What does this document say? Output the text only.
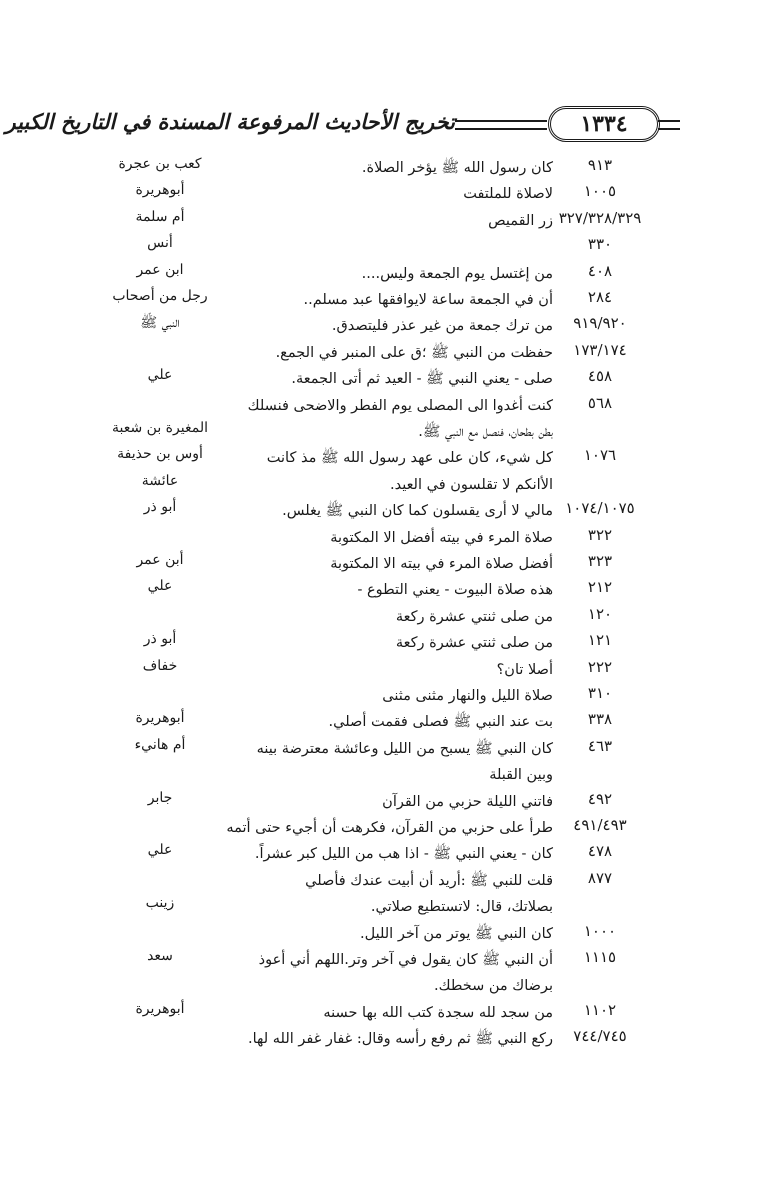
تخريج الأحاديث المرفوعة المسندة في التاريخ الكبير	١٣٣٤
٩١٣
كان رسول الله ﷺ يؤخر الصلاة.
كعب بن عجرة
١٠٠٥
لاصلاة للملتفت
أبوهريرة
٣٢٧/٣٢٨/٣٢٩
زر القميص
أم سلمة
٣٣٠
أنس
٤٠٨
من إغتسل يوم الجمعة وليس....
ابن عمر
٢٨٤
أن في الجمعة ساعة لايوافقها عبد مسلم..
رجل من أصحاب
٩١٩/٩٢٠
من ترك جمعة من غير عذر فليتصدق.
النبي ﷺ
١٧٣/١٧٤
حفظت من النبي ﷺ ؛ق على المنبر في الجمع.
٤٥٨
صلى - يعني النبي ﷺ - العيد ثم أتى الجمعة.
علي
٥٦٨
كنت أغدوا الى المصلى يوم الفطر والاضحى فنسلك
بطن بطحان، فنصل مع النبي ﷺ.
المغيرة بن شعبة
١٠٧٦
كل شيء، كان على عهد رسول الله ﷺ مذ كانت
أوس بن حذيفة
الأانكم لا تقلسون في العيد.
عائشة
١٠٧٤/١٠٧٥
مالي لا أرى يقسلون كما كان النبي ﷺ يغلس.
أبو ذر
٣٢٢
صلاة المرء في بيته أفضل الا المكتوبة
٣٢٣
أفضل صلاة المرء في بيته الا المكتوبة
أبن عمر
٢١٢
هذه صلاة البيوت - يعني التطوع -
علي
١٢٠
من صلى ثنتي عشرة ركعة
١٢١
من صلى ثنتي عشرة ركعة
أبو ذر
٢٢٢
أصلا تان؟
خفاف
٣١٠
صلاة الليل والنهار مثنى مثنى
٣٣٨
بت عند النبي ﷺ فصلى فقمت أصلي.
أبوهريرة
٤٦٣
كان النبي ﷺ يسبح من الليل وعائشة معترضة بينه
أم هانيء
وبين القبلة
٤٩٢
فاتني الليلة حزبي من القرآن
جابر
٤٩١/٤٩٣
طرأ على حزبي من القرآن، فكرهت أن أجيء حتى أتمه
٤٧٨
كان - يعني النبي ﷺ - اذا هب من الليل كبر عشراً.
علي
٨٧٧
قلت للنبي ﷺ :أريد أن أبيت عندك فأصلي
بصلاتك، قال: لاتستطيع صلاتي.
زينب
١٠٠٠
كان النبي ﷺ يوتر من آخر الليل.
١١١٥
أن النبي ﷺ كان يقول في آخر وتر.اللهم أني أعوذ
سعد
برضاك من سخطك.
١١٠٢
من سجد لله سجدة كتب الله بها حسنه
أبوهريرة
٧٤٤/٧٤٥
ركع النبي ﷺ ثم رفع رأسه وقال: غفار غفر الله لها.
